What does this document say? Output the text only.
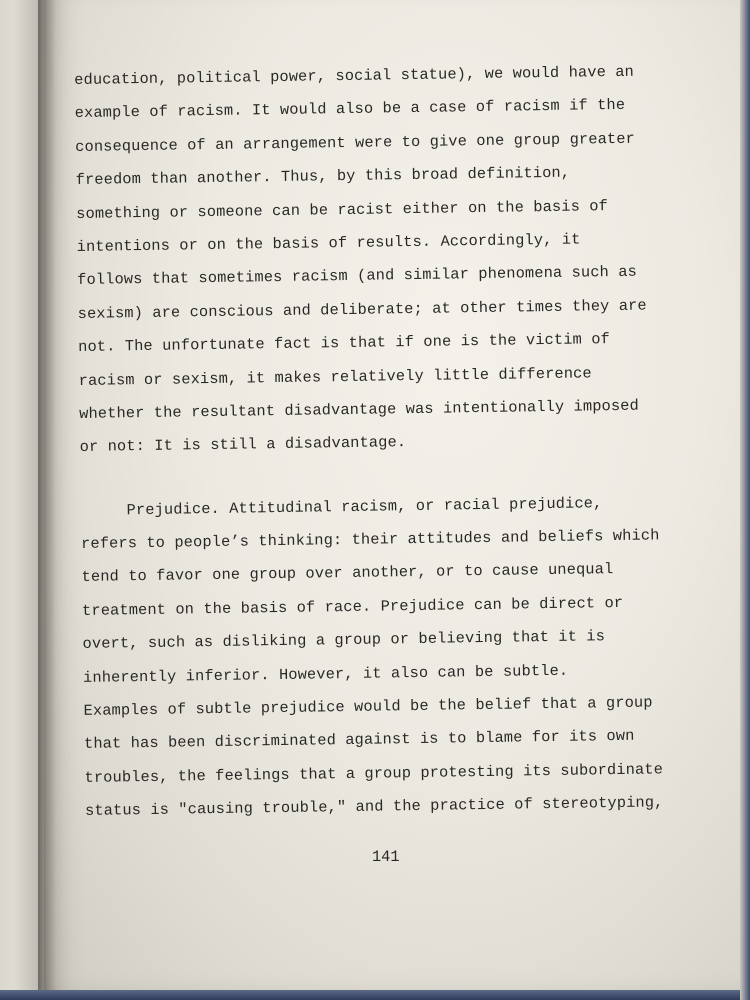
education, political power, social statue), we would have an
example of racism. It would also be a case of racism if the
consequence of an arrangement were to give one group greater
freedom than another. Thus, by this broad definition,
something or someone can be racist either on the basis of
intentions or on the basis of results. Accordingly, it
follows that sometimes racism (and similar phenomena such as
sexism) are conscious and deliberate; at other times they are
not. The unfortunate fact is that if one is the victim of
racism or sexism, it makes relatively little difference
whether the resultant disadvantage was intentionally imposed
or not: It is still a disadvantage.
Prejudice. Attitudinal racism, or racial prejudice,
refers to people’s thinking: their attitudes and beliefs which
tend to favor one group over another, or to cause unequal
treatment on the basis of race. Prejudice can be direct or
overt, such as disliking a group or believing that it is
inherently inferior. However, it also can be subtle.
Examples of subtle prejudice would be the belief that a group
that has been discriminated against is to blame for its own
troubles, the feelings that a group protesting its subordinate
status is "causing trouble," and the practice of stereotyping,
141
